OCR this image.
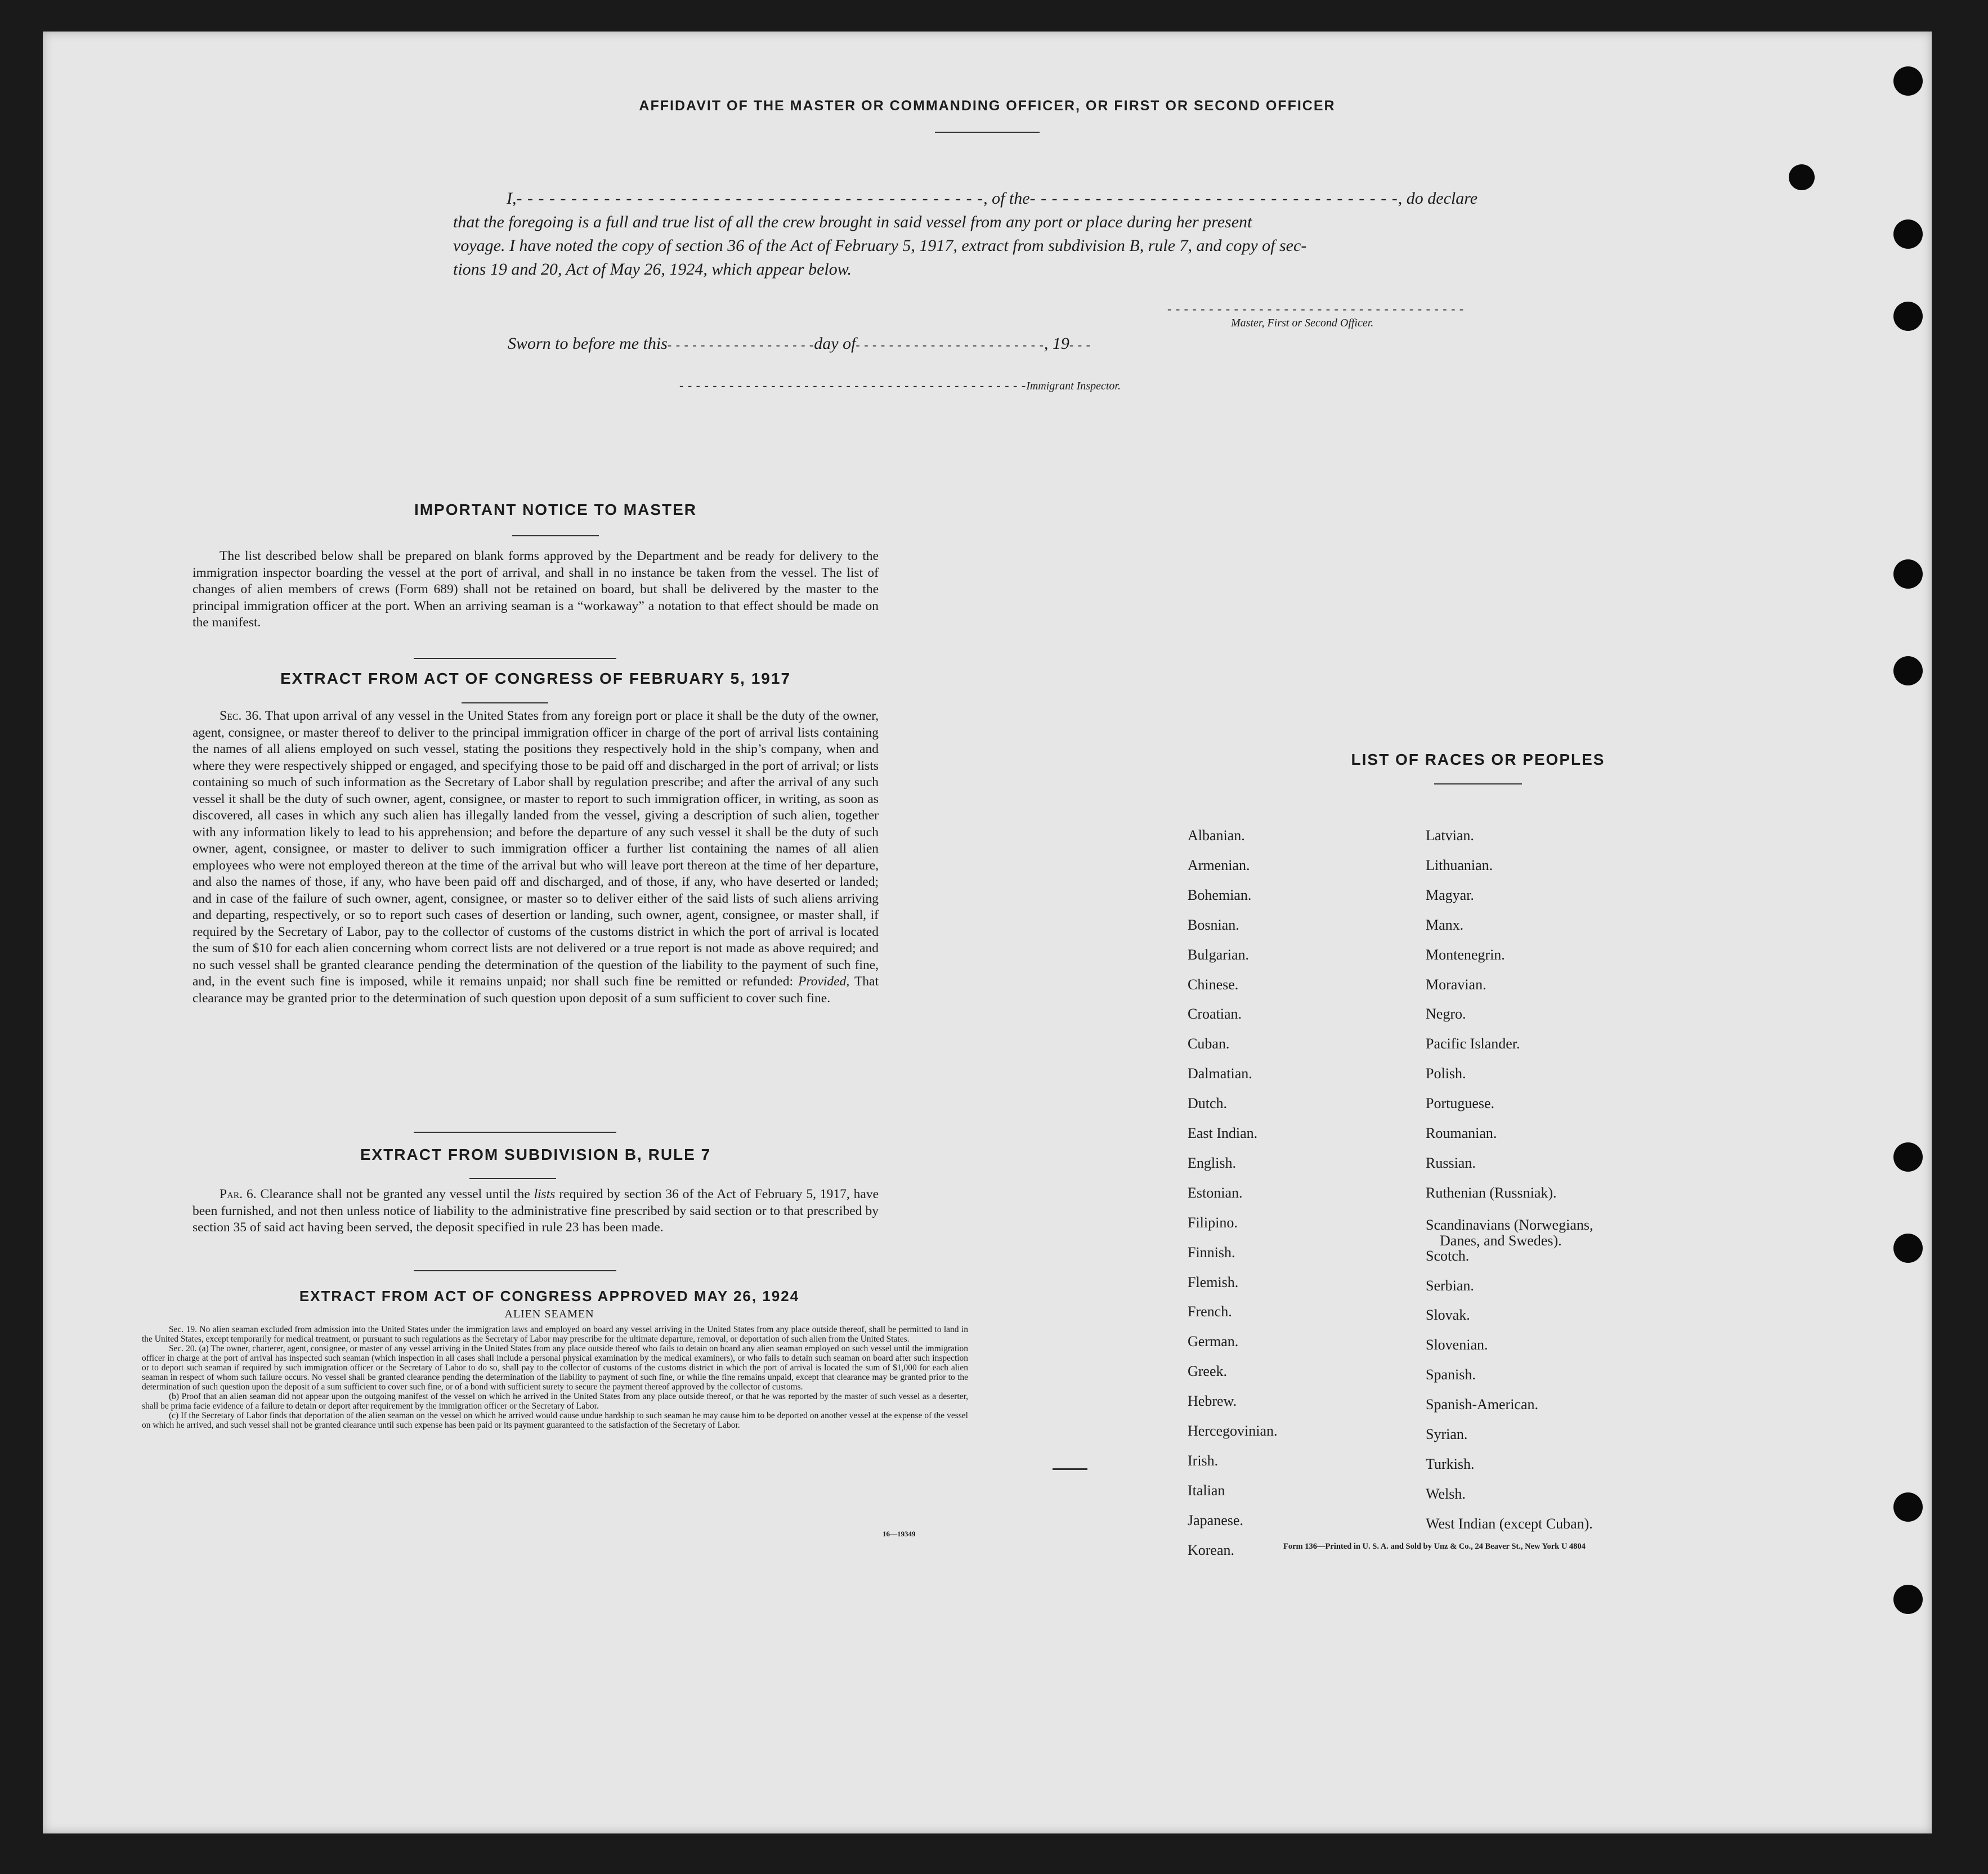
AFFIDAVIT OF THE MASTER OR COMMANDING OFFICER, OR FIRST OR SECOND OFFICER
I,- - - - - - - - - - - - - - - - - - - - - - - - - - - - - - - - - - - - - - - - - - -, of the- - - - - - - - - - - - - - - - - - - - - - - - - - - - - - - - - -, do declare
that the foregoing is a full and true list of all the crew brought in said vessel from any port or place during her present
voyage. I have noted the copy of section 36 of the Act of February 5, 1917, extract from subdivision B, rule 7, and copy of sec-
tions 19 and 20, Act of May 26, 1924, which appear below.
- - - - - - - - - - - - - - - - - - - - - - - - - - - - - - - - - - - -
Master, First or Second Officer.
Sworn to before me this- - - - - - - - - - - - - - - - - -day of- - - - - - - - - - - - - - - - - - - - - - -, 19- - -
- - - - - - - - - - - - - - - - - - - - - - - - - - - - - - - - - - - - - - - - - -Immigrant Inspector.
IMPORTANT NOTICE TO MASTER
The list described below shall be prepared on blank forms approved by the Department and be ready for delivery to the immigration inspector boarding the vessel at the port of arrival, and shall in no instance be taken from the vessel. The list of changes of alien members of crews (Form 689) shall not be retained on board, but shall be delivered by the master to the principal immigration officer at the port. When an arriving seaman is a “workaway” a notation to that effect should be made on the manifest.
EXTRACT FROM ACT OF CONGRESS OF FEBRUARY 5, 1917
Sec. 36. That upon arrival of any vessel in the United States from any foreign port or place it shall be the duty of the owner, agent, consignee, or master thereof to deliver to the principal immigration officer in charge of the port of arrival lists containing the names of all aliens employed on such vessel, stating the positions they respectively hold in the ship’s company, when and where they were respectively shipped or engaged, and specifying those to be paid off and discharged in the port of arrival; or lists containing so much of such information as the Secretary of Labor shall by regulation prescribe; and after the arrival of any such vessel it shall be the duty of such owner, agent, consignee, or master to report to such immigration officer, in writing, as soon as discovered, all cases in which any such alien has illegally landed from the vessel, giving a description of such alien, together with any information likely to lead to his apprehension; and before the departure of any such vessel it shall be the duty of such owner, agent, consignee, or master to deliver to such immigration officer a further list containing the names of all alien employees who were not employed thereon at the time of the arrival but who will leave port thereon at the time of her departure, and also the names of those, if any, who have been paid off and discharged, and of those, if any, who have deserted or landed; and in case of the failure of such owner, agent, consignee, or master so to deliver either of the said lists of such aliens arriving and departing, respectively, or so to report such cases of desertion or landing, such owner, agent, consignee, or master shall, if required by the Secretary of Labor, pay to the collector of customs of the customs district in which the port of arrival is located the sum of $10 for each alien concerning whom correct lists are not delivered or a true report is not made as above required; and no such vessel shall be granted clearance pending the determination of the question of the liability to the payment of such fine, and, in the event such fine is imposed, while it remains unpaid; nor shall such fine be remitted or refunded: Provided, That clearance may be granted prior to the determination of such question upon deposit of a sum sufficient to cover such fine.
EXTRACT FROM SUBDIVISION B, RULE 7
Par. 6. Clearance shall not be granted any vessel until the lists required by section 36 of the Act of February 5, 1917, have been furnished, and not then unless notice of liability to the administrative fine prescribed by said section or to that prescribed by section 35 of said act having been served, the deposit specified in rule 23 has been made.
EXTRACT FROM ACT OF CONGRESS APPROVED MAY 26, 1924
ALIEN SEAMEN
Sec. 19. No alien seaman excluded from admission into the United States under the immigration laws and employed on board any vessel arriving in the United States from any place outside thereof, shall be permitted to land in the United States, except temporarily for medical treatment, or pursuant to such regulations as the Secretary of Labor may prescribe for the ultimate departure, removal, or deportation of such alien from the United States.
Sec. 20. (a) The owner, charterer, agent, consignee, or master of any vessel arriving in the United States from any place outside thereof who fails to detain on board any alien seaman employed on such vessel until the immigration officer in charge at the port of arrival has inspected such seaman (which inspection in all cases shall include a personal physical examination by the medical examiners), or who fails to detain such seaman on board after such inspection or to deport such seaman if required by such immigration officer or the Secretary of Labor to do so, shall pay to the collector of customs of the customs district in which the port of arrival is located the sum of $1,000 for each alien seaman in respect of whom such failure occurs. No vessel shall be granted clearance pending the determination of the liability to payment of such fine, or while the fine remains unpaid, except that clearance may be granted prior to the determination of such question upon the deposit of a sum sufficient to cover such fine, or of a bond with sufficient surety to secure the payment thereof approved by the collector of customs.
(b) Proof that an alien seaman did not appear upon the outgoing manifest of the vessel on which he arrived in the United States from any place outside thereof, or that he was reported by the master of such vessel as a deserter, shall be prima facie evidence of a failure to detain or deport after requirement by the immigration officer or the Secretary of Labor.
(c) If the Secretary of Labor finds that deportation of the alien seaman on the vessel on which he arrived would cause undue hardship to such seaman he may cause him to be deported on another vessel at the expense of the vessel on which he arrived, and such vessel shall not be granted clearance until such expense has been paid or its payment guaranteed to the satisfaction of the Secretary of Labor.
16—19349
LIST OF RACES OR PEOPLES
Albanian.
Armenian.
Bohemian.
Bosnian.
Bulgarian.
Chinese.
Croatian.
Cuban.
Dalmatian.
Dutch.
East Indian.
English.
Estonian.
Filipino.
Finnish.
Flemish.
French.
German.
Greek.
Hebrew.
Hercegovinian.
Irish.
Italian
Japanese.
Korean.
Latvian.
Lithuanian.
Magyar.
Manx.
Montenegrin.
Moravian.
Negro.
Pacific Islander.
Polish.
Portuguese.
Roumanian.
Russian.
Ruthenian (Russniak).
Scandinavians (Norwegians,
Danes, and Swedes).
Scotch.
Serbian.
Slovak.
Slovenian.
Spanish.
Spanish-American.
Syrian.
Turkish.
Welsh.
West Indian (except Cuban).
Form 136—Printed in U. S. A. and Sold by Unz & Co., 24 Beaver St., New York U 4804
